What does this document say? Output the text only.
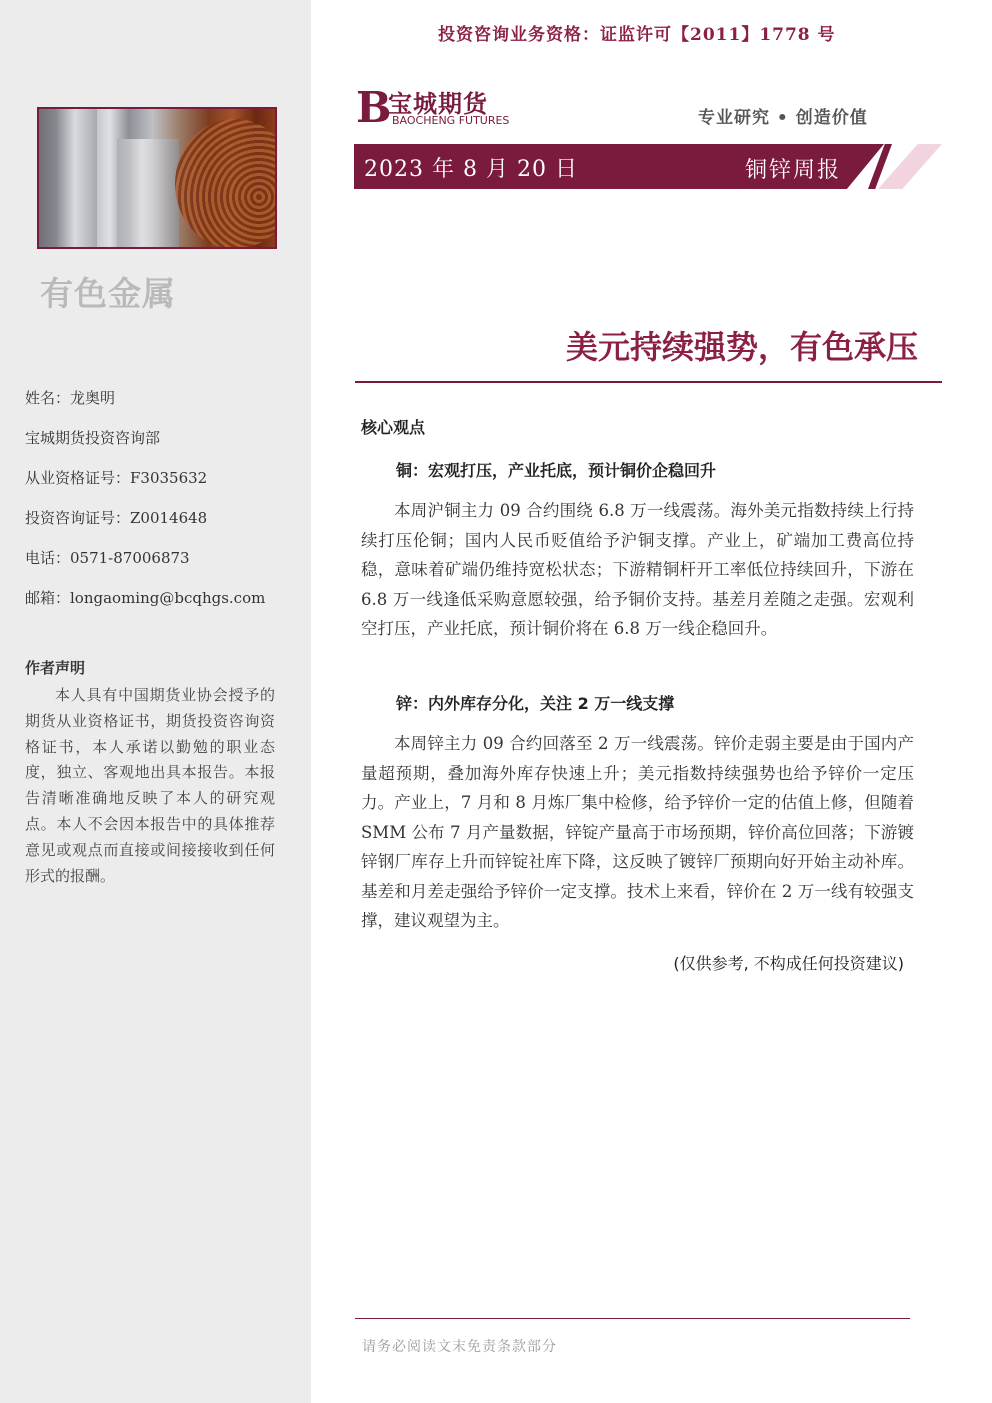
有色金属
姓名：龙奥明
宝城期货投资咨询部
从业资格证号：F3035632
投资咨询证号：Z0014648
电话：0571-87006873
邮箱：longaoming@bcqhgs.com
作者声明
本人具有中国期货业协会授予的期货从业资格证书，期货投资咨询资格证书，本人承诺以勤勉的职业态度，独立、客观地出具本报告。本报告清晰准确地反映了本人的研究观点。本人不会因本报告中的具体推荐意见或观点而直接或间接接收到任何形式的报酬。
投资咨询业务资格：证监许可【2011】1778 号
B
宝城期货
BAOCHENG FUTURES	专业研究 • 创造价值
2023 年 8 月 20 日	铜锌周报
美元持续强势，有色承压
核心观点
铜：宏观打压，产业托底，预计铜价企稳回升
本周沪铜主力 09 合约围绕 6.8 万一线震荡。海外美元指数持续上行持续打压伦铜；国内人民币贬值给予沪铜支撑。产业上，矿端加工费高位持稳，意味着矿端仍维持宽松状态；下游精铜杆开工率低位持续回升，下游在 6.8 万一线逢低采购意愿较强，给予铜价支持。基差月差随之走强。宏观利空打压，产业托底，预计铜价将在 6.8 万一线企稳回升。
锌：内外库存分化，关注 2 万一线支撑
本周锌主力 09 合约回落至 2 万一线震荡。锌价走弱主要是由于国内产量超预期，叠加海外库存快速上升；美元指数持续强势也给予锌价一定压力。产业上，7 月和 8 月炼厂集中检修，给予锌价一定的估值上修，但随着 SMM 公布 7 月产量数据，锌锭产量高于市场预期，锌价高位回落；下游镀锌钢厂库存上升而锌锭社库下降，这反映了镀锌厂预期向好开始主动补库。基差和月差走强给予锌价一定支撑。技术上来看，锌价在 2 万一线有较强支撑，建议观望为主。
(仅供参考, 不构成任何投资建议)
请务必阅读文末免责条款部分
